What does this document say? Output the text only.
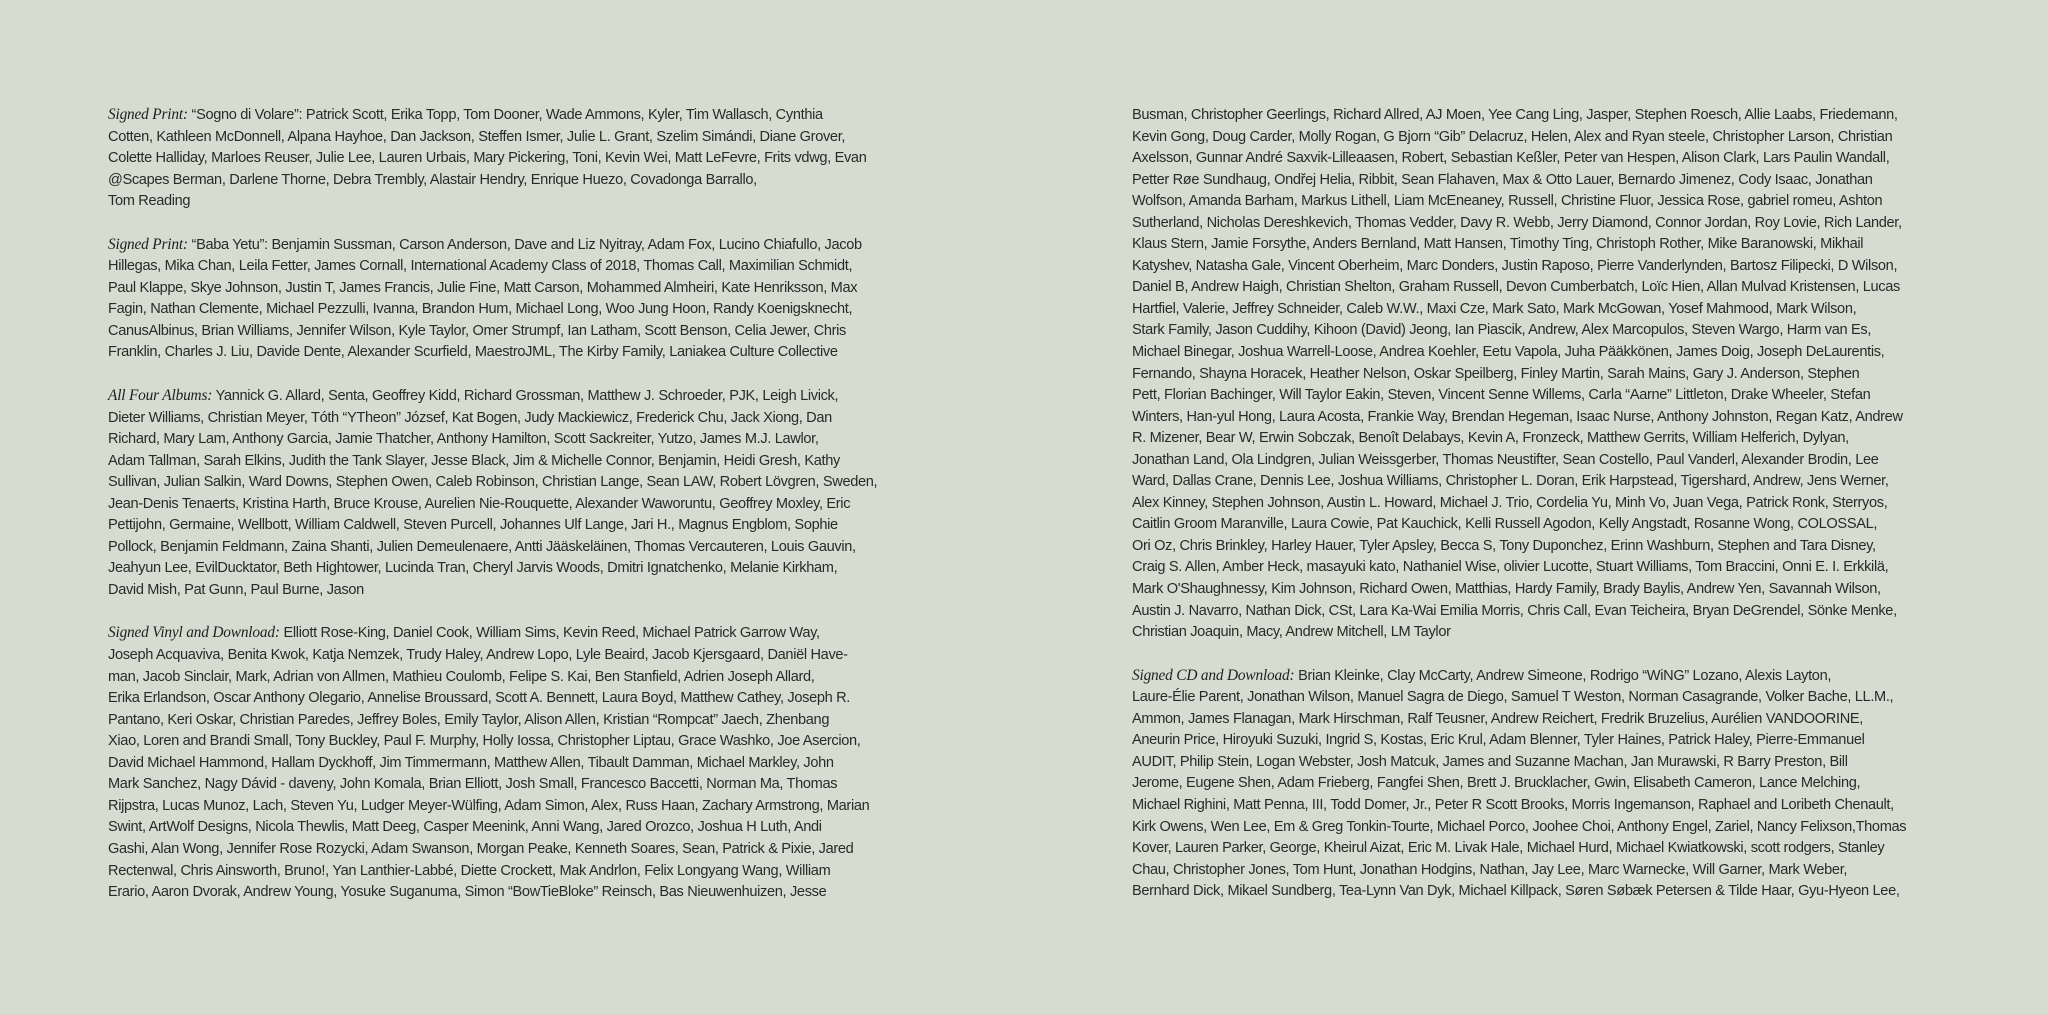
Signed Print: “Sogno di Volare”: Patrick Scott, Erika Topp, Tom Dooner, Wade Ammons, Kyler, Tim Wallasch, Cynthia
Cotten, Kathleen McDonnell, Alpana Hayhoe, Dan Jackson, Steffen Ismer, Julie L. Grant, Szelim Simándi, Diane Grover,
Colette Halliday, Marloes Reuser, Julie Lee, Lauren Urbais, Mary Pickering, Toni, Kevin Wei, Matt LeFevre, Frits vdwg, Evan
@Scapes Berman, Darlene Thorne, Debra Trembly, Alastair Hendry, Enrique Huezo, Covadonga Barrallo,
Tom Reading

Signed Print: “Baba Yetu”: Benjamin Sussman, Carson Anderson, Dave and Liz Nyitray, Adam Fox, Lucino Chiafullo, Jacob
Hillegas, Mika Chan, Leila Fetter, James Cornall, International Academy Class of 2018, Thomas Call, Maximilian Schmidt,
Paul Klappe, Skye Johnson, Justin T, James Francis, Julie Fine, Matt Carson, Mohammed Almheiri, Kate Henriksson, Max
Fagin, Nathan Clemente, Michael Pezzulli, Ivanna, Brandon Hum, Michael Long, Woo Jung Hoon, Randy Koenigsknecht,
CanusAlbinus, Brian Williams, Jennifer Wilson, Kyle Taylor, Omer Strumpf, Ian Latham, Scott Benson, Celia Jewer, Chris
Franklin, Charles J. Liu, Davide Dente, Alexander Scurfield, MaestroJML, The Kirby Family, Laniakea Culture Collective

All Four Albums: Yannick G. Allard, Senta, Geoffrey Kidd, Richard Grossman, Matthew J. Schroeder, PJK, Leigh Livick,
Dieter Williams, Christian Meyer, Tóth “YTheon” József, Kat Bogen, Judy Mackiewicz, Frederick Chu, Jack Xiong, Dan
Richard, Mary Lam, Anthony Garcia, Jamie Thatcher, Anthony Hamilton, Scott Sackreiter, Yutzo, James M.J. Lawlor,
Adam Tallman, Sarah Elkins, Judith the Tank Slayer, Jesse Black, Jim & Michelle Connor, Benjamin, Heidi Gresh, Kathy
Sullivan, Julian Salkin, Ward Downs, Stephen Owen, Caleb Robinson, Christian Lange, Sean LAW, Robert Lövgren, Sweden,
Jean-Denis Tenaerts, Kristina Harth, Bruce Krouse, Aurelien Nie-Rouquette, Alexander Waworuntu, Geoffrey Moxley, Eric
Pettijohn, Germaine, Wellbott, William Caldwell, Steven Purcell, Johannes Ulf Lange, Jari H., Magnus Engblom, Sophie
Pollock, Benjamin Feldmann, Zaina Shanti, Julien Demeulenaere, Antti Jääskeläinen, Thomas Vercauteren, Louis Gauvin,
Jeahyun Lee, EvilDucktator, Beth Hightower, Lucinda Tran, Cheryl Jarvis Woods, Dmitri Ignatchenko, Melanie Kirkham,
David Mish, Pat Gunn, Paul Burne, Jason

Signed Vinyl and Download: Elliott Rose-King, Daniel Cook, William Sims, Kevin Reed, Michael Patrick Garrow Way,
Joseph Acquaviva, Benita Kwok, Katja Nemzek, Trudy Haley, Andrew Lopo, Lyle Beaird, Jacob Kjersgaard, Daniël Have-
man, Jacob Sinclair, Mark, Adrian von Allmen, Mathieu Coulomb, Felipe S. Kai, Ben Stanfield, Adrien Joseph Allard,
Erika Erlandson, Oscar Anthony Olegario, Annelise Broussard, Scott A. Bennett, Laura Boyd, Matthew Cathey, Joseph R.
Pantano, Keri Oskar, Christian Paredes, Jeffrey Boles, Emily Taylor, Alison Allen, Kristian “Rompcat” Jaech, Zhenbang
Xiao, Loren and Brandi Small, Tony Buckley, Paul F. Murphy, Holly Iossa, Christopher Liptau, Grace Washko, Joe Asercion,
David Michael Hammond, Hallam Dyckhoff, Jim Timmermann, Matthew Allen, Tibault Damman, Michael Markley, John
Mark Sanchez, Nagy Dávid - daveny, John Komala, Brian Elliott, Josh Small, Francesco Baccetti, Norman Ma, Thomas
Rijpstra, Lucas Munoz, Lach, Steven Yu, Ludger Meyer-Wülfing, Adam Simon, Alex, Russ Haan, Zachary Armstrong, Marian
Swint, ArtWolf Designs, Nicola Thewlis, Matt Deeg, Casper Meenink, Anni Wang, Jared Orozco, Joshua H Luth, Andi
Gashi, Alan Wong, Jennifer Rose Rozycki, Adam Swanson, Morgan Peake, Kenneth Soares, Sean, Patrick & Pixie, Jared
Rectenwal, Chris Ainsworth, Bruno!, Yan Lanthier-Labbé, Diette Crockett, Mak Andrlon, Felix Longyang Wang, William
Erario, Aaron Dvorak, Andrew Young, Yosuke Suganuma, Simon “BowTieBloke” Reinsch, Bas Nieuwenhuizen, Jesse

Busman, Christopher Geerlings, Richard Allred, AJ Moen, Yee Cang Ling, Jasper, Stephen Roesch, Allie Laabs, Friedemann,
Kevin Gong, Doug Carder, Molly Rogan, G Bjorn “Gib” Delacruz, Helen, Alex and Ryan steele, Christopher Larson, Christian
Axelsson, Gunnar André Saxvik-Lilleaasen, Robert, Sebastian Keßler, Peter van Hespen, Alison Clark, Lars Paulin Wandall,
Petter Røe Sundhaug, Ondřej Helia, Ribbit, Sean Flahaven, Max & Otto Lauer, Bernardo Jimenez, Cody Isaac, Jonathan
Wolfson, Amanda Barham, Markus Lithell, Liam McEneaney, Russell, Christine Fluor, Jessica Rose, gabriel romeu, Ashton
Sutherland, Nicholas Dereshkevich, Thomas Vedder, Davy R. Webb, Jerry Diamond, Connor Jordan, Roy Lovie, Rich Lander,
Klaus Stern, Jamie Forsythe, Anders Bernland, Matt Hansen, Timothy Ting, Christoph Rother, Mike Baranowski, Mikhail
Katyshev, Natasha Gale, Vincent Oberheim, Marc Donders, Justin Raposo, Pierre Vanderlynden, Bartosz Filipecki, D Wilson,
Daniel B, Andrew Haigh, Christian Shelton, Graham Russell, Devon Cumberbatch, Loïc Hien, Allan Mulvad Kristensen, Lucas
Hartfiel, Valerie, Jeffrey Schneider, Caleb W.W., Maxi Cze, Mark Sato, Mark McGowan, Yosef Mahmood, Mark Wilson,
Stark Family, Jason Cuddihy, Kihoon (David) Jeong, Ian Piascik, Andrew, Alex Marcopulos, Steven Wargo, Harm van Es,
Michael Binegar, Joshua Warrell-Loose, Andrea Koehler, Eetu Vapola, Juha Pääkkönen, James Doig, Joseph DeLaurentis,
Fernando, Shayna Horacek, Heather Nelson, Oskar Speilberg, Finley Martin, Sarah Mains, Gary J. Anderson, Stephen
Pett, Florian Bachinger, Will Taylor Eakin, Steven, Vincent Senne Willems, Carla “Aarne” Littleton, Drake Wheeler, Stefan
Winters, Han-yul Hong, Laura Acosta, Frankie Way, Brendan Hegeman, Isaac Nurse, Anthony Johnston, Regan Katz, Andrew
R. Mizener, Bear W, Erwin Sobczak, Benoît Delabays, Kevin A, Fronzeck, Matthew Gerrits, William Helferich, Dylyan,
Jonathan Land, Ola Lindgren, Julian Weissgerber, Thomas Neustifter, Sean Costello, Paul Vanderl, Alexander Brodin, Lee
Ward, Dallas Crane, Dennis Lee, Joshua Williams, Christopher L. Doran, Erik Harpstead, Tigershard, Andrew, Jens Werner,
Alex Kinney, Stephen Johnson, Austin L. Howard, Michael J. Trio, Cordelia Yu, Minh Vo, Juan Vega, Patrick Ronk, Sterryos,
Caitlin Groom Maranville, Laura Cowie, Pat Kauchick, Kelli Russell Agodon, Kelly Angstadt, Rosanne Wong, COLOSSAL,
Ori Oz, Chris Brinkley, Harley Hauer, Tyler Apsley, Becca S, Tony Duponchez, Erinn Washburn, Stephen and Tara Disney,
Craig S. Allen, Amber Heck, masayuki kato, Nathaniel Wise, olivier Lucotte, Stuart Williams, Tom Braccini, Onni E. I. Erkkilä,
Mark O'Shaughnessy, Kim Johnson, Richard Owen, Matthias, Hardy Family, Brady Baylis, Andrew Yen, Savannah Wilson,
Austin J. Navarro, Nathan Dick, CSt, Lara Ka-Wai Emilia Morris, Chris Call, Evan Teicheira, Bryan DeGrendel, Sönke Menke,
Christian Joaquin, Macy, Andrew Mitchell, LM Taylor

Signed CD and Download: Brian Kleinke, Clay McCarty, Andrew Simeone, Rodrigo “WiNG” Lozano, Alexis Layton,
Laure-Élie Parent, Jonathan Wilson, Manuel Sagra de Diego, Samuel T Weston, Norman Casagrande, Volker Bache, LL.M.,
Ammon, James Flanagan, Mark Hirschman, Ralf Teusner, Andrew Reichert, Fredrik Bruzelius, Aurélien VANDOORINE,
Aneurin Price, Hiroyuki Suzuki, Ingrid S, Kostas, Eric Krul, Adam Blenner, Tyler Haines, Patrick Haley, Pierre-Emmanuel
AUDIT, Philip Stein, Logan Webster, Josh Matcuk, James and Suzanne Machan, Jan Murawski, R Barry Preston, Bill
Jerome, Eugene Shen, Adam Frieberg, Fangfei Shen, Brett J. Brucklacher, Gwin, Elisabeth Cameron, Lance Melching,
Michael Righini, Matt Penna, III, Todd Domer, Jr., Peter R Scott Brooks, Morris Ingemanson, Raphael and Loribeth Chenault,
Kirk Owens, Wen Lee, Em & Greg Tonkin-Tourte, Michael Porco, Joohee Choi, Anthony Engel, Zariel, Nancy Felixson,Thomas
Kover, Lauren Parker, George, Kheirul Aizat, Eric M. Livak Hale, Michael Hurd, Michael Kwiatkowski, scott rodgers, Stanley
Chau, Christopher Jones, Tom Hunt, Jonathan Hodgins, Nathan, Jay Lee, Marc Warnecke, Will Garner, Mark Weber,
Bernhard Dick, Mikael Sundberg, Tea-Lynn Van Dyk, Michael Killpack, Søren Søbæk Petersen & Tilde Haar, Gyu-Hyeon Lee,
